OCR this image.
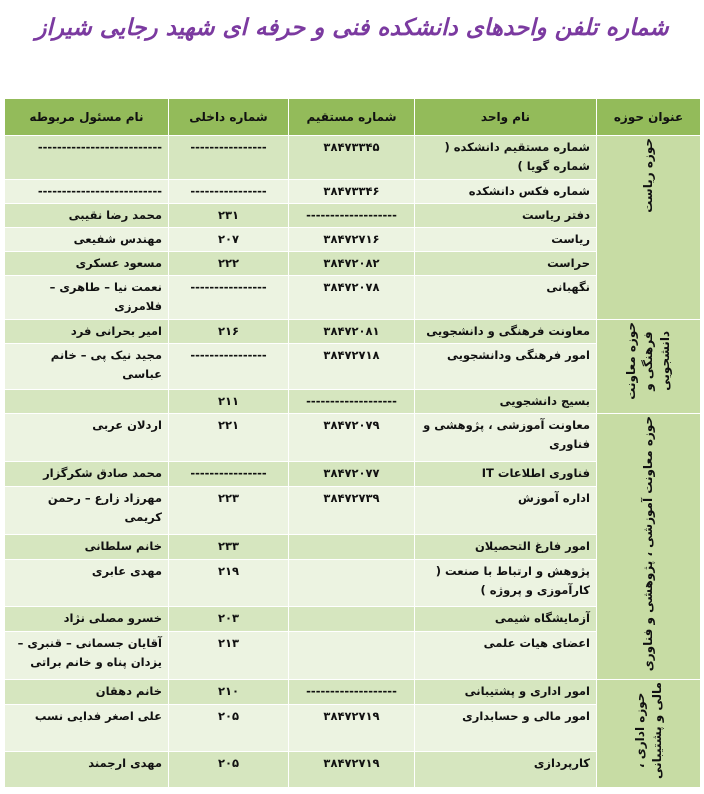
شماره تلفن واحدهای دانشکده فنی و حرفه ای شهید رجایی شیراز
عنوان حوزه	نام واحد	شماره مستقیم	شماره داخلی	نام مسئول مربوطه
حوزه ریاست	شماره مستقیم دانشکده ( شماره گویا )	۳۸۴۷۳۳۴۵	----------------	--------------------------
	شماره فکس دانشکده	۳۸۴۷۳۳۴۶	----------------	--------------------------
	دفتر ریاست	-------------------	۲۳۱	محمد رضا نقیبی
	ریاست	۳۸۴۷۲۷۱۶	۲۰۷	مهندس شفیعی
	حراست	۳۸۴۷۲۰۸۲	۲۲۲	مسعود عسکری
	نگهبانی	۳۸۴۷۲۰۷۸	----------------	نعمت نیا – طاهری – فلامرزی
حوزه معاونت
فرهنگی و
دانشجویی	معاونت فرهنگی و دانشجویی	۳۸۴۷۲۰۸۱	۲۱۶	امیر بحرانی فرد
	امور فرهنگی ودانشجویی	۳۸۴۷۲۷۱۸	----------------	مجید نیک پی – خانم عباسی
	بسیج دانشجویی	-------------------	۲۱۱	
حوزه معاونت آموزشی ، پژوهشی و فناوری	معاونت آموزشی ، پژوهشی و فناوری	۳۸۴۷۲۰۷۹	۲۲۱	اردلان عربی
	فناوری اطلاعات IT	۳۸۴۷۲۰۷۷	----------------	محمد صادق شکرگزار
	اداره آموزش	۳۸۴۷۲۷۳۹	۲۲۳	مهرزاد زارع – رحمن کریمی
	امور فارغ التحصیلان		۲۳۳	خانم سلطانی
	پژوهش و ارتباط با صنعت ( کارآموزی و پروژه )		۲۱۹	مهدی عابری
	آزمایشگاه شیمی		۲۰۳	خسرو مصلی نژاد
	اعضای هیات علمی		۲۱۳	آقایان جسمانی – قنبری – یزدان پناه و خانم براتی
حوزه اداری ،
مالی و پشتیبانی	امور اداری و پشتیبانی	-------------------	۲۱۰	خانم دهقان
	امور مالی و حسابداری	۳۸۴۷۲۷۱۹	۲۰۵	علی اصغر فدایی نسب
	کارپردازی	۳۸۴۷۲۷۱۹	۲۰۵	مهدی ارجمند
